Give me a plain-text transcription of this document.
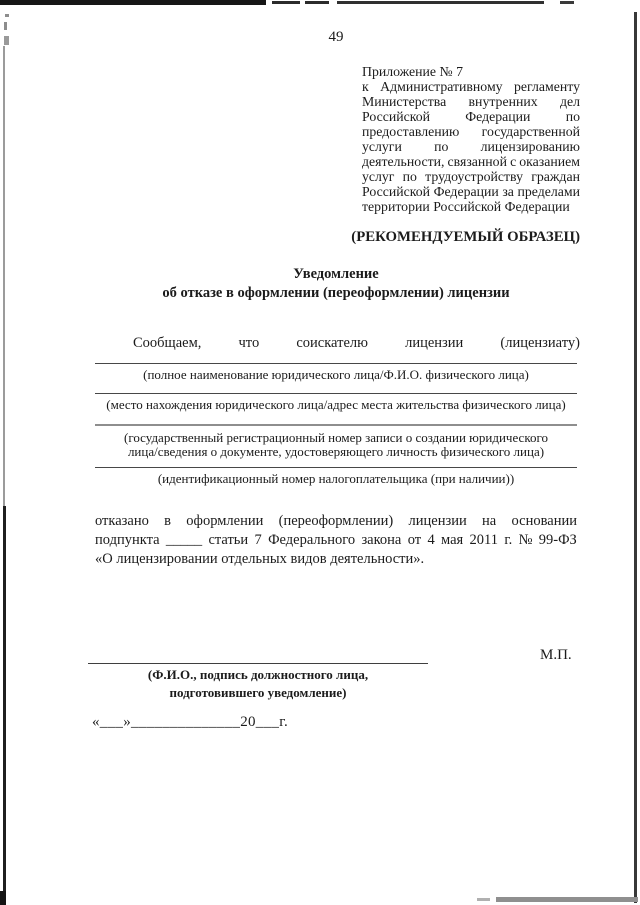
49
Приложение № 7
к Административному регламенту
Министерства внутренних дел
Российской	Федерации	по
предоставлению государственной
услуги по лицензированию
деятельности, связанной с оказанием
услуг по трудоустройству граждан
Российской Федерации за пределами
территории Российской Федерации
(РЕКОМЕНДУЕМЫЙ ОБРАЗЕЦ)
Уведомление
об отказе в оформлении (переоформлении) лицензии
Сообщаем,	что	соискателю	лицензии	(лицензиату)
(полное наименование юридического лица/Ф.И.О. физического лица)
(место нахождения юридического лица/адрес места жительства физического лица)
(государственный регистрационный номер записи о создании юридического
лица/сведения о документе, удостоверяющего личность физического лица)
(идентификационный номер налогоплательщика (при наличии))
отказано в оформлении (переоформлении) лицензии на основании
подпункта _____ статьи 7 Федерального закона от 4 мая 2011 г. № 99-ФЗ
«О лицензировании отдельных видов деятельности».
М.П.
(Ф.И.О., подпись должностного лица,
подготовившего уведомление)
«___»______________20___г.
